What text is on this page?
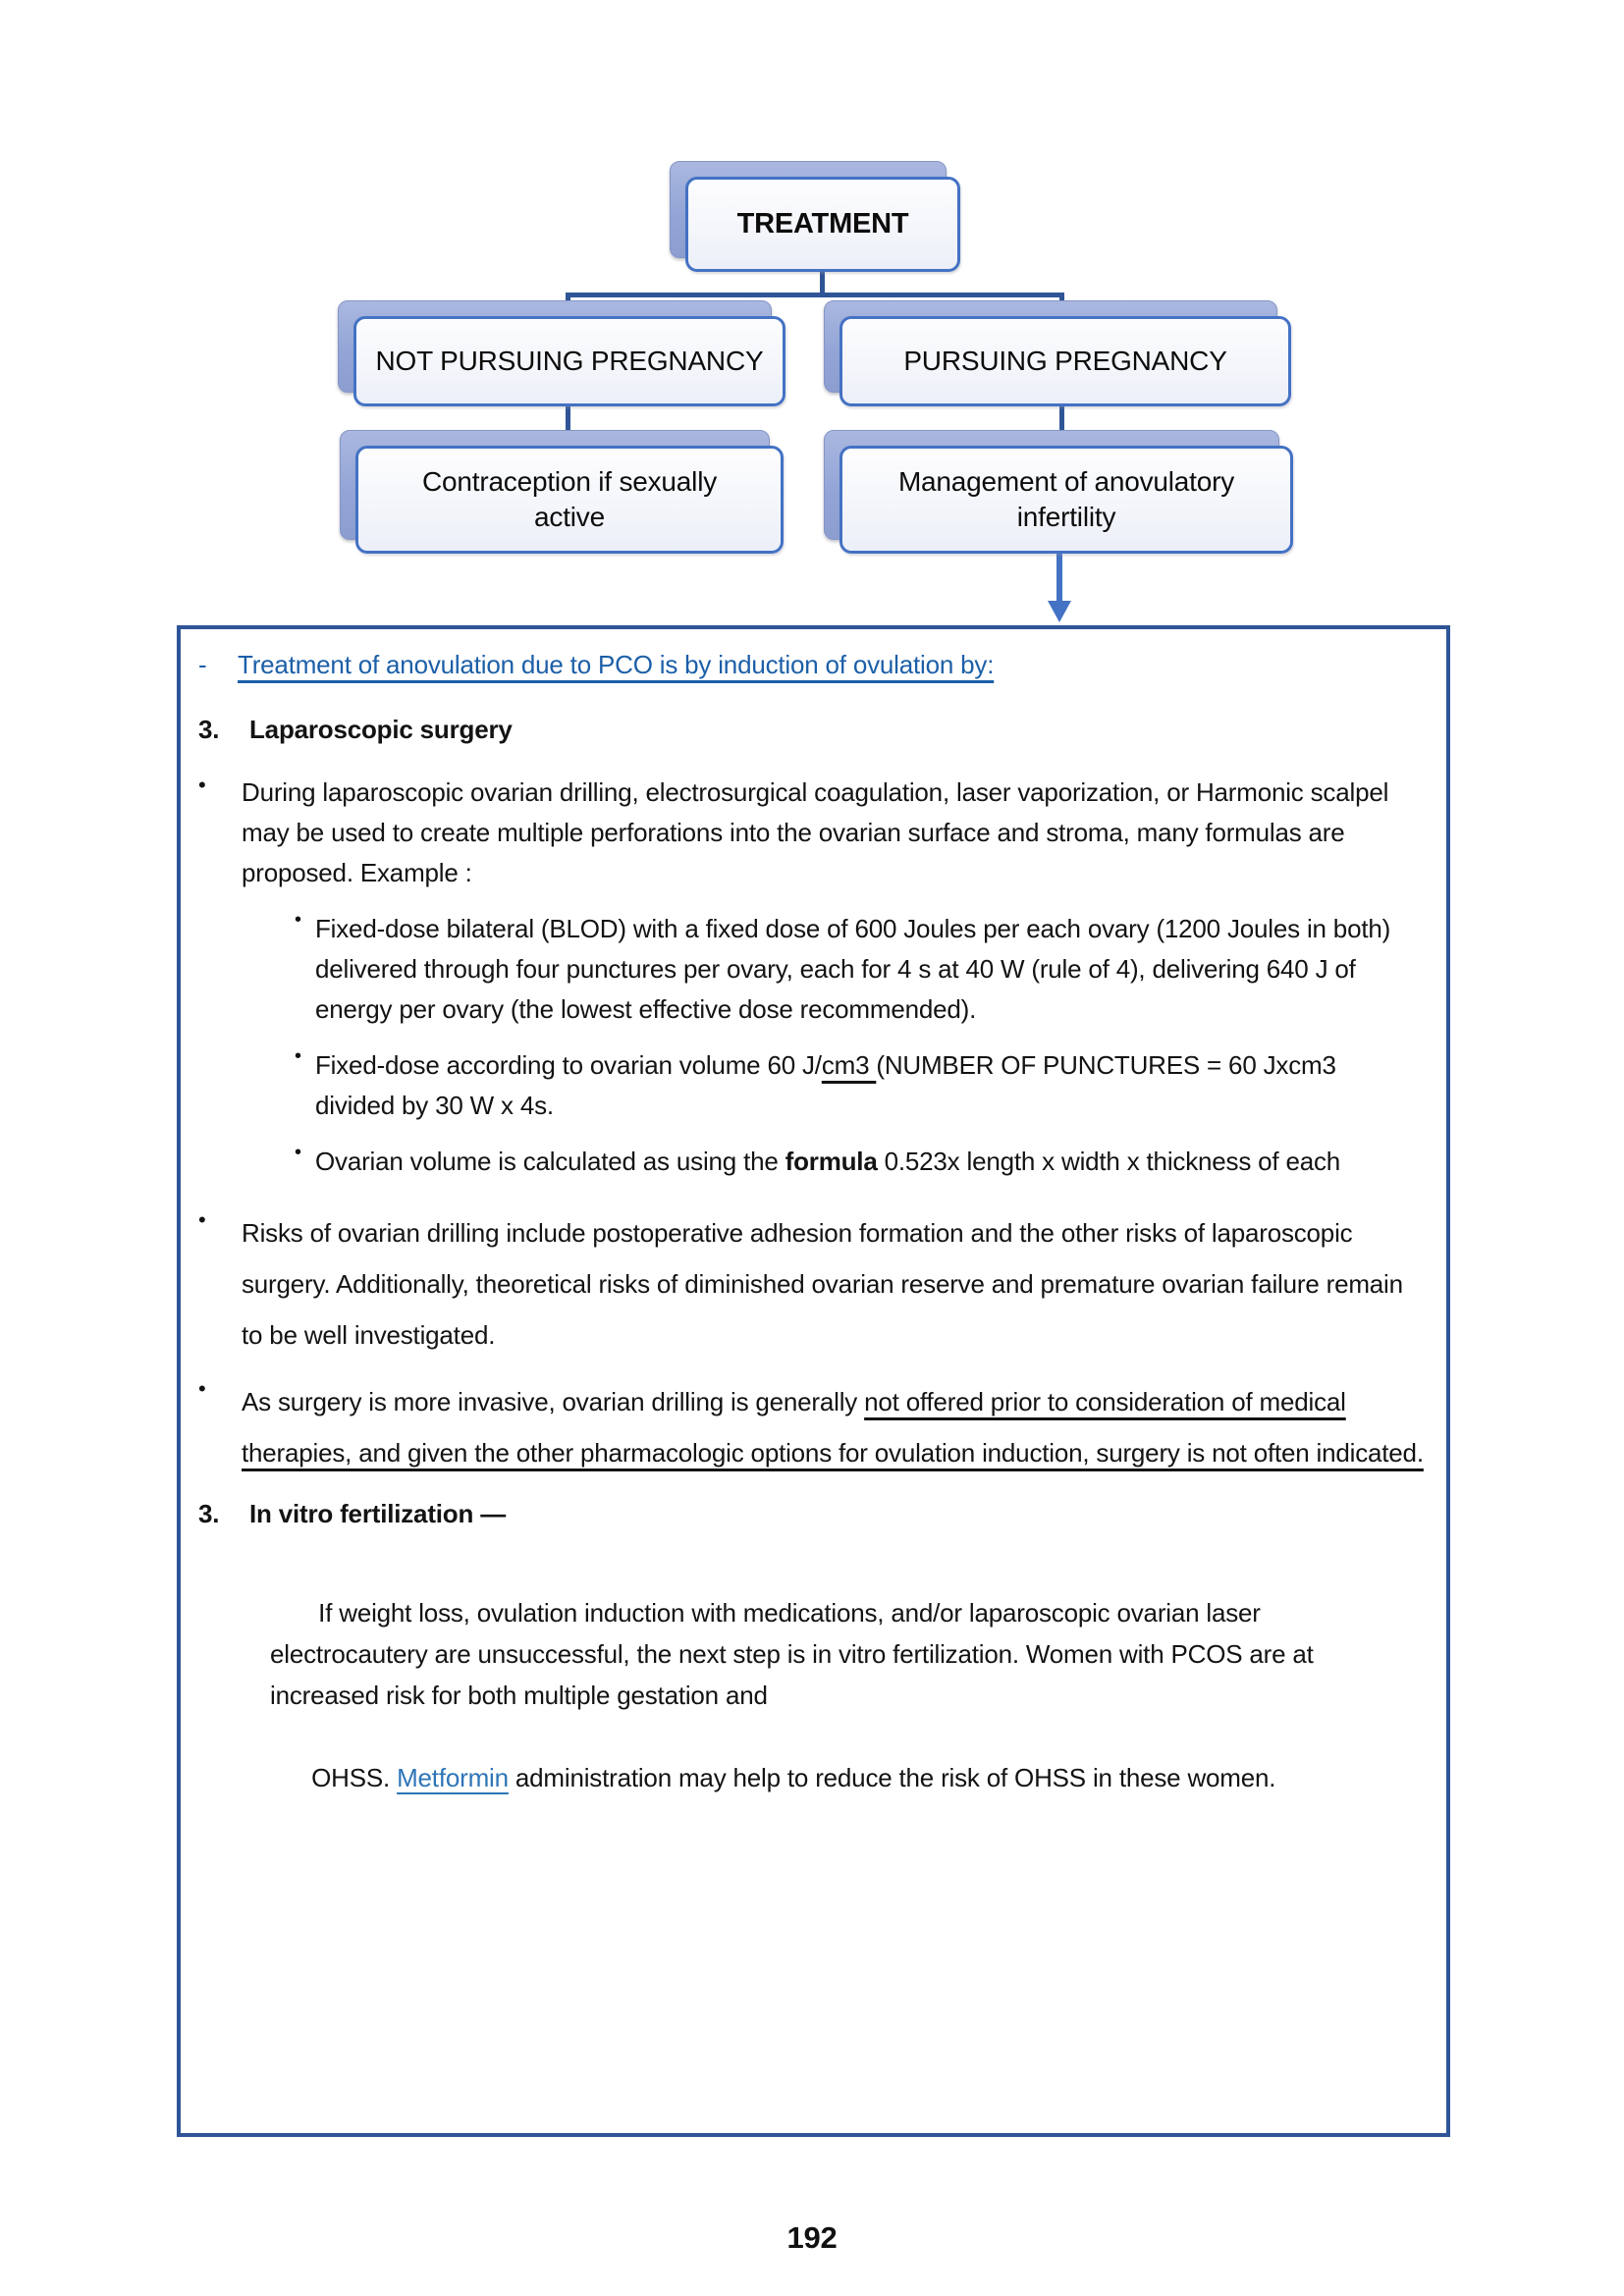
TREATMENT
NOT PURSUING PREGNANCY	PURSUING PREGNANCY
Contraception if sexually active
Management of anovulatory infertility
-	Treatment of anovulation due to PCO is by induction of ovulation by:
3.	Laparoscopic surgery
•	During laparoscopic ovarian drilling, electrosurgical coagulation, laser vaporization, or Harmonic scalpel may be used to create multiple perforations into the ovarian surface and stroma, many formulas are proposed. Example :
• Fixed-dose bilateral (BLOD) with a fixed dose of 600 Joules per each ovary (1200 Joules in both) delivered through four punctures per ovary, each for 4 s at 40 W (rule of 4), delivering 640 J of energy per ovary (the lowest effective dose recommended).
• Fixed-dose according to ovarian volume 60 J/cm3 (NUMBER OF PUNCTURES = 60 Jxcm3 divided by 30 W x 4s.
• Ovarian volume is calculated as using the formula 0.523x length x width x thickness of each
•	Risks of ovarian drilling include postoperative adhesion formation and the other risks of laparoscopic surgery. Additionally, theoretical risks of diminished ovarian reserve and premature ovarian failure remain to be well investigated.
•	As surgery is more invasive, ovarian drilling is generally not offered prior to consideration of medical therapies, and given the other pharmacologic options for ovulation induction, surgery is not often indicated.
3.	In vitro fertilization —

If weight loss, ovulation induction with medications, and/or laparoscopic ovarian laser electrocautery are unsuccessful, the next step is in vitro fertilization. Women with PCOS are at increased risk for both multiple gestation and

OHSS. Metformin administration may help to reduce the risk of OHSS in these women.

192
